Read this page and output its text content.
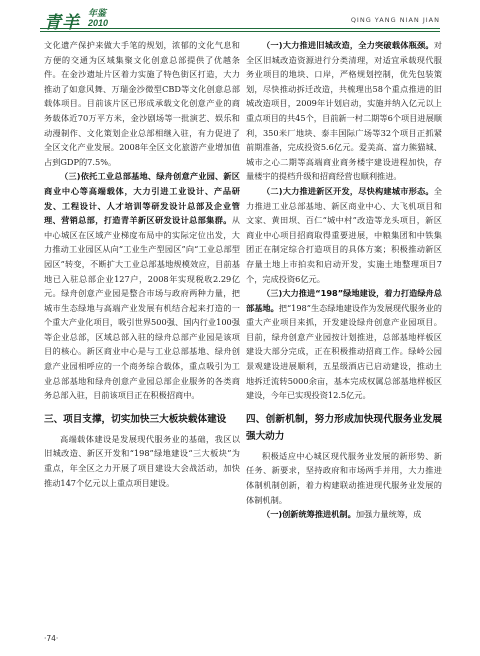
青羊 年鉴
2010	QING YANG NIAN JIAN

文化遗产保护来做大手笔的规划，浓郁的文化气息和方便的交通为区域集聚文化创意总部提供了优越条件。在金沙遗址片区着力实施了特色街区打造，大力推动了如意风舞、万瑞金沙微型CBD等文化创意总部载体项目。目前该片区已形成承载文化创意产业的商务载体近70万平方米，金沙剧场等一批演艺、娱乐和动漫制作、文化策划企业总部相继入驻，有力促进了全区文化产业发展。2008年全区文化旅游产业增加值占到GDP的7.5%。

（三)依托工业总部基地、绿舟创意产业园、新区商业中心等高端载体，大力引进工业设计、产品研发、工程设计、人才培训等研发设计总部及企业管理、营销总部，打造青羊新区研发设计总部集群。从中心城区在区域产业梯度布局中的实际定位出发，大力推动工业园区从向“工业生产型园区”向“工业总部型园区”转变，不断扩大工业总部基地规模效应，目前基地已入驻总部企业127户，2008年实现税收2.29亿元。绿舟创意产业园是整合市场与政府两种力量，把城市生态绿地与高端产业发展有机结合起来打造的一个重大产业化项目，吸引世界500强、国内行业100强等企业总部，区域总部入驻的绿舟总部产业园是该项目的核心。新区商业中心是与工业总部基地、绿舟创意产业园相呼应的一个商务综合载体，重点吸引为工业总部基地和绿舟创意产业园总部企业服务的各类商务总部入驻，目前该项目正在积极招商中。

三、项目支撑，切实加快三大板块载体建设

高端载体建设是发展现代服务业的基础，我区以旧城改造、新区开发和“198”绿地建设“三大板块”为重点，年全区之力开展了项目建设大会战活动，加快推动147个亿元以上重点项目建设。

（一)大力推进旧城改造，全力突破载体瓶颈。对全区旧城改造资源进行分类清理，对适宜承载现代服务业项目的地块、口岸，严格规划控制，优先包装策划，尽快推动拆迁改造，共梳理出58个重点推进的旧城改造项目，2009年计划启动，实施并纳入亿元以上重点项目的共45个，目前新一村二期等6个项目进展顺利，350米厂地块、泰丰国际广场等32个项目正抓紧前期准备，完成投资5.6亿元。爱美高、富力熊猫城、城市之心二期等高端商业商务楼宇建设进程加快，存量楼宇的提档升级和招商经营也顺利推进。

（二)大力推进新区开发，尽快构建城市形态。全力推进工业总部基地、新区商业中心、大飞机项目和文家、黄田坝、百仁“城中村”改造等龙头项目，新区商业中心项目招商取得重要进展，中粮集团和中铁集团正在制定综合打造项目的具体方案；积极推动新区存量土地上市拍卖和启动开发，实施土地整理项目7个，完成投资6亿元。

（三)大力推进“198”绿地建设，着力打造绿舟总部基地。把“198”生态绿地建设作为发展现代服务业的重大产业项目来抓，开发建设绿舟创意产业园项目。目前，绿舟创意产业园按计划推进，总部基地样板区建设大部分完成，正在积极推动招商工作。绿岭公园景观建设进展顺利，五星级酒店已启动建设，推动土地拆迁流转5000余亩，基本完成权属总部基地样板区建设，今年已实现投资12.5亿元。

四、创新机制，努力形成加快现代服务业发展强大动力

积极适应中心城区现代服务业发展的新形势、新任务、新要求，坚持政府和市场两手并用，大力推进体制机制创新，着力构建联动推进现代服务业发展的体制机制。

（一)创新统筹推进机制。加强力量统筹，成

·74·
